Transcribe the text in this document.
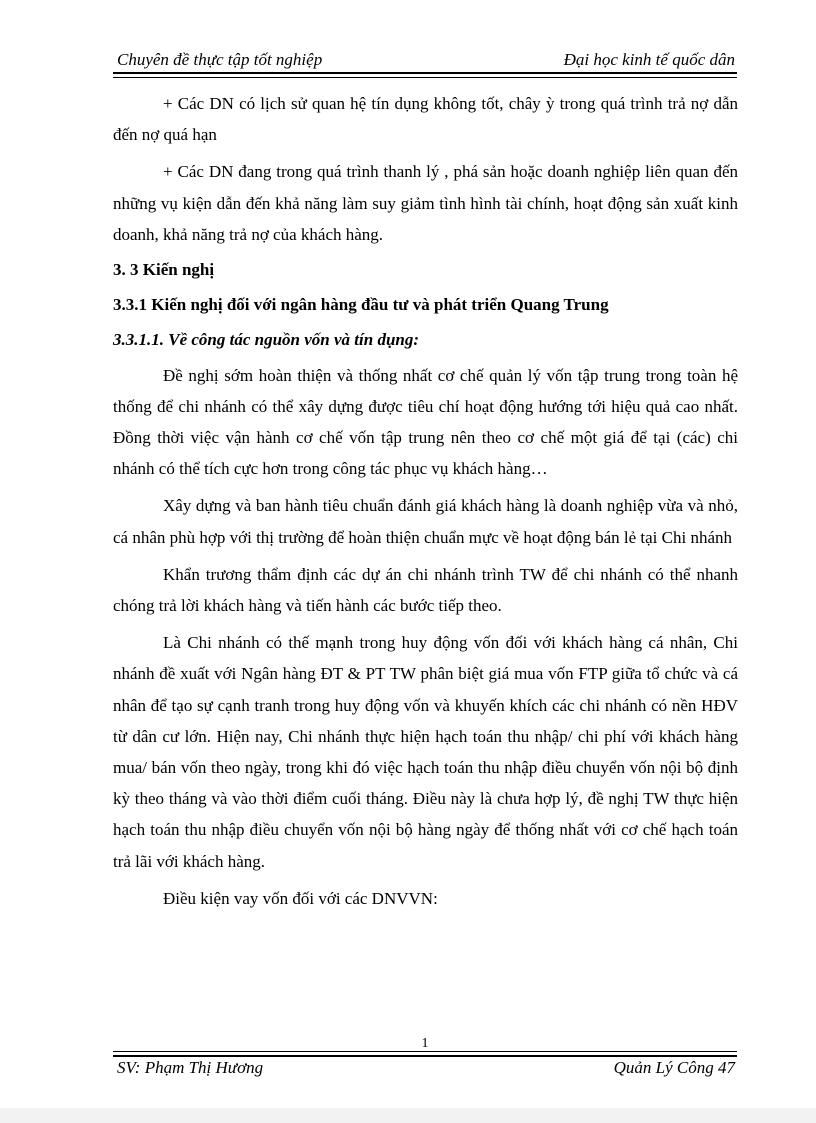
Chuyên đề thực tập tốt nghiệp	Đại học kinh tế quốc dân

+ Các DN có lịch sử quan hệ tín dụng không tốt, chây ỳ trong quá trình trả nợ dẫn đến nợ quá hạn

+ Các DN đang trong quá trình thanh lý , phá sản hoặc doanh nghiệp liên quan đến những vụ kiện dẫn đến khả năng làm suy giảm tình hình tài chính, hoạt động sản xuất kinh doanh, khả năng trả nợ của khách hàng.

3. 3 Kiến nghị

3.3.1 Kiến nghị đối với ngân hàng đầu tư và phát triển Quang Trung

3.3.1.1. Về công tác nguồn vốn và tín dụng:

Đề nghị sớm hoàn thiện và thống nhất cơ chế quản lý vốn tập trung trong toàn hệ thống để chi nhánh có thể xây dựng được tiêu chí hoạt động hướng tới hiệu quả cao nhất. Đồng thời việc vận hành cơ chế vốn tập trung nên theo cơ chế một giá để tại (các) chi nhánh có thể tích cực hơn trong công tác phục vụ khách hàng…

Xây dựng và ban hành tiêu chuẩn đánh giá khách hàng là doanh nghiệp vừa và nhỏ, cá nhân phù hợp với thị trường để hoàn thiện chuẩn mực về hoạt động bán lẻ tại Chi nhánh

Khẩn trương thẩm định các dự án chi nhánh trình TW để chi nhánh có thể nhanh chóng trả lời khách hàng và tiến hành các bước tiếp theo.

Là Chi nhánh có thế mạnh trong huy động vốn đối với khách hàng cá nhân, Chi nhánh đề xuất với Ngân hàng ĐT & PT TW phân biệt giá mua vốn FTP giữa tổ chức và cá nhân để tạo sự cạnh tranh trong huy động vốn và khuyến khích các chi nhánh có nền HĐV từ dân cư lớn. Hiện nay, Chi nhánh thực hiện hạch toán thu nhập/ chi phí với khách hàng mua/ bán vốn theo ngày, trong khi đó việc hạch toán thu nhập điều chuyển vốn nội bộ định kỳ theo tháng và vào thời điểm cuối tháng. Điều này là chưa hợp lý, đề nghị TW thực hiện hạch toán thu nhập điều chuyển vốn nội bộ hàng ngày để thống nhất với cơ chế hạch toán trả lãi với khách hàng.

Điều kiện vay vốn đối với các DNVVN:

1
SV: Phạm Thị Hương	Quản Lý Công 47
